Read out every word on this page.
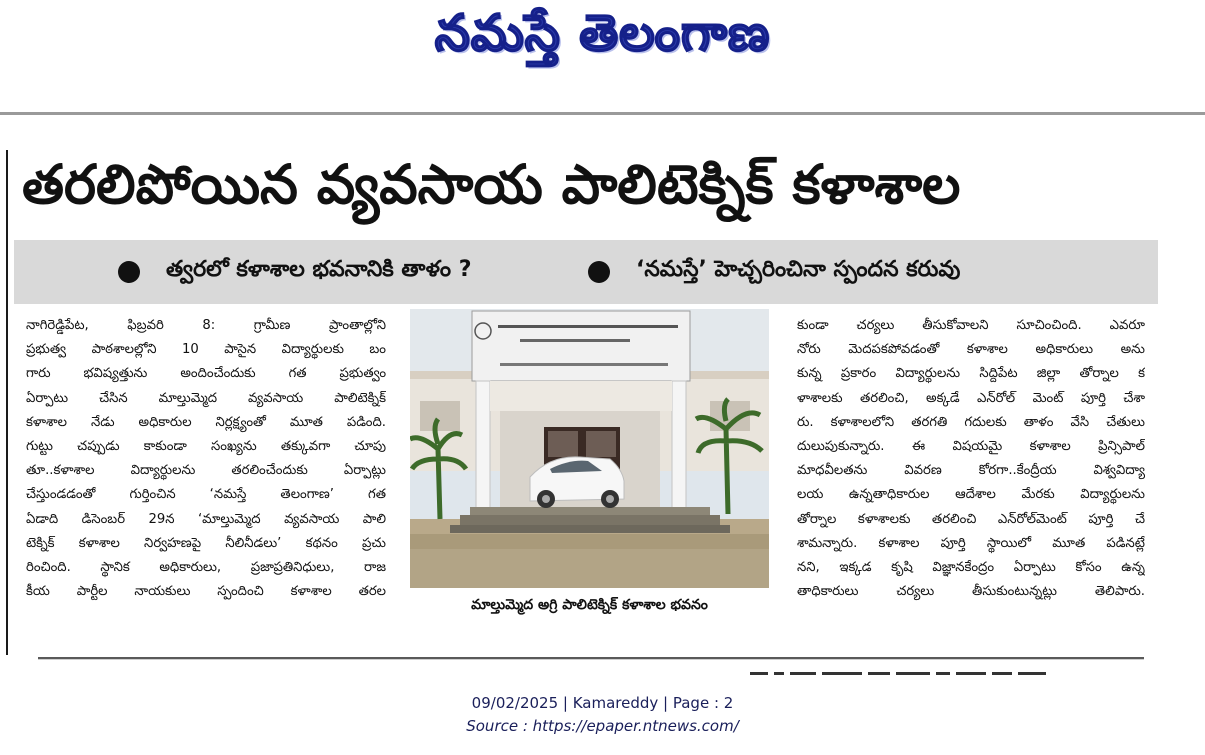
నమస్తే తెలంగాణ
తరలిపోయిన వ్యవసాయ పాలిటెక్నిక్ కళాశాల
త్వరలో కళాశాల భవనానికి తాళం ?	‘నమస్తే’ హెచ్చరించినా స్పందన కరువు
నాగిరెడ్డిపేట, ఫిబ్రవరి 8: గ్రామీణ ప్రాంతాల్లోని
ప్రభుత్వ పాఠశాలల్లోని 10 పాసైన విద్యార్థులకు బం
గారు భవిష్యత్తును అందించేందుకు గత ప్రభుత్వం
ఏర్పాటు చేసిన మాల్తుమ్మెద వ్యవసాయ పాలిటెక్నిక్
కళాశాల నేడు అధికారుల నిర్లక్ష్యంతో మూత పడింది.
గుట్టు చప్పుడు కాకుండా సంఖ్యను తక్కువగా చూపు
తూ..కళాశాల విద్యార్థులను తరలించేందుకు ఏర్పాట్లు
చేస్తుండడంతో గుర్తించిన ‘నమస్తే తెలంగాణ’ గత
ఏడాది డిసెంబర్ 29న ‘మాల్తుమ్మెద వ్యవసాయ పాలి
టెక్నిక్ కళాశాల నిర్వహణపై నీలినీడలు’ కథనం ప్రచు
రించింది. స్థానిక అధికారులు, ప్రజాప్రతినిధులు, రాజ
కీయ పార్టీల నాయకులు స్పందించి కళాశాల తరల
మాల్తుమ్మెద అగ్రి పాలిటెక్నిక్ కళాశాల భవనం
కుండా చర్యలు తీసుకోవాలని సూచించింది. ఎవరూ
నోరు మెదపకపోవడంతో కళాశాల అధికారులు అను
కున్న ప్రకారం విద్యార్థులను సిద్దిపేట జిల్లా తోర్నాల క
ళాశాలకు తరలించి, అక్కడే ఎన్‌రోల్ మెంట్ పూర్తి చేశా
రు. కళాశాలలోని తరగతి గదులకు తాళం వేసి చేతులు
దులుపుకున్నారు. ఈ విషయమై కళాశాల ప్రిన్సిపాల్
మాధవీలతను వివరణ కోరగా..కేంద్రీయ విశ్వవిద్యా
లయ ఉన్నతాధికారుల ఆదేశాల మేరకు విద్యార్థులను
తోర్నాల కళాశాలకు తరలించి ఎన్‌రోల్‌మెంట్ పూర్తి చే
శామన్నారు. కళాశాల పూర్తి స్థాయిలో మూత పడినట్లే
నని, ఇక్కడ కృషి విజ్ఞానకేంద్రం ఏర్పాటు కోసం ఉన్న
తాధికారులు చర్యలు తీసుకుంటున్నట్లు తెలిపారు.
09/02/2025 | Kamareddy | Page : 2
Source : https://epaper.ntnews.com/
